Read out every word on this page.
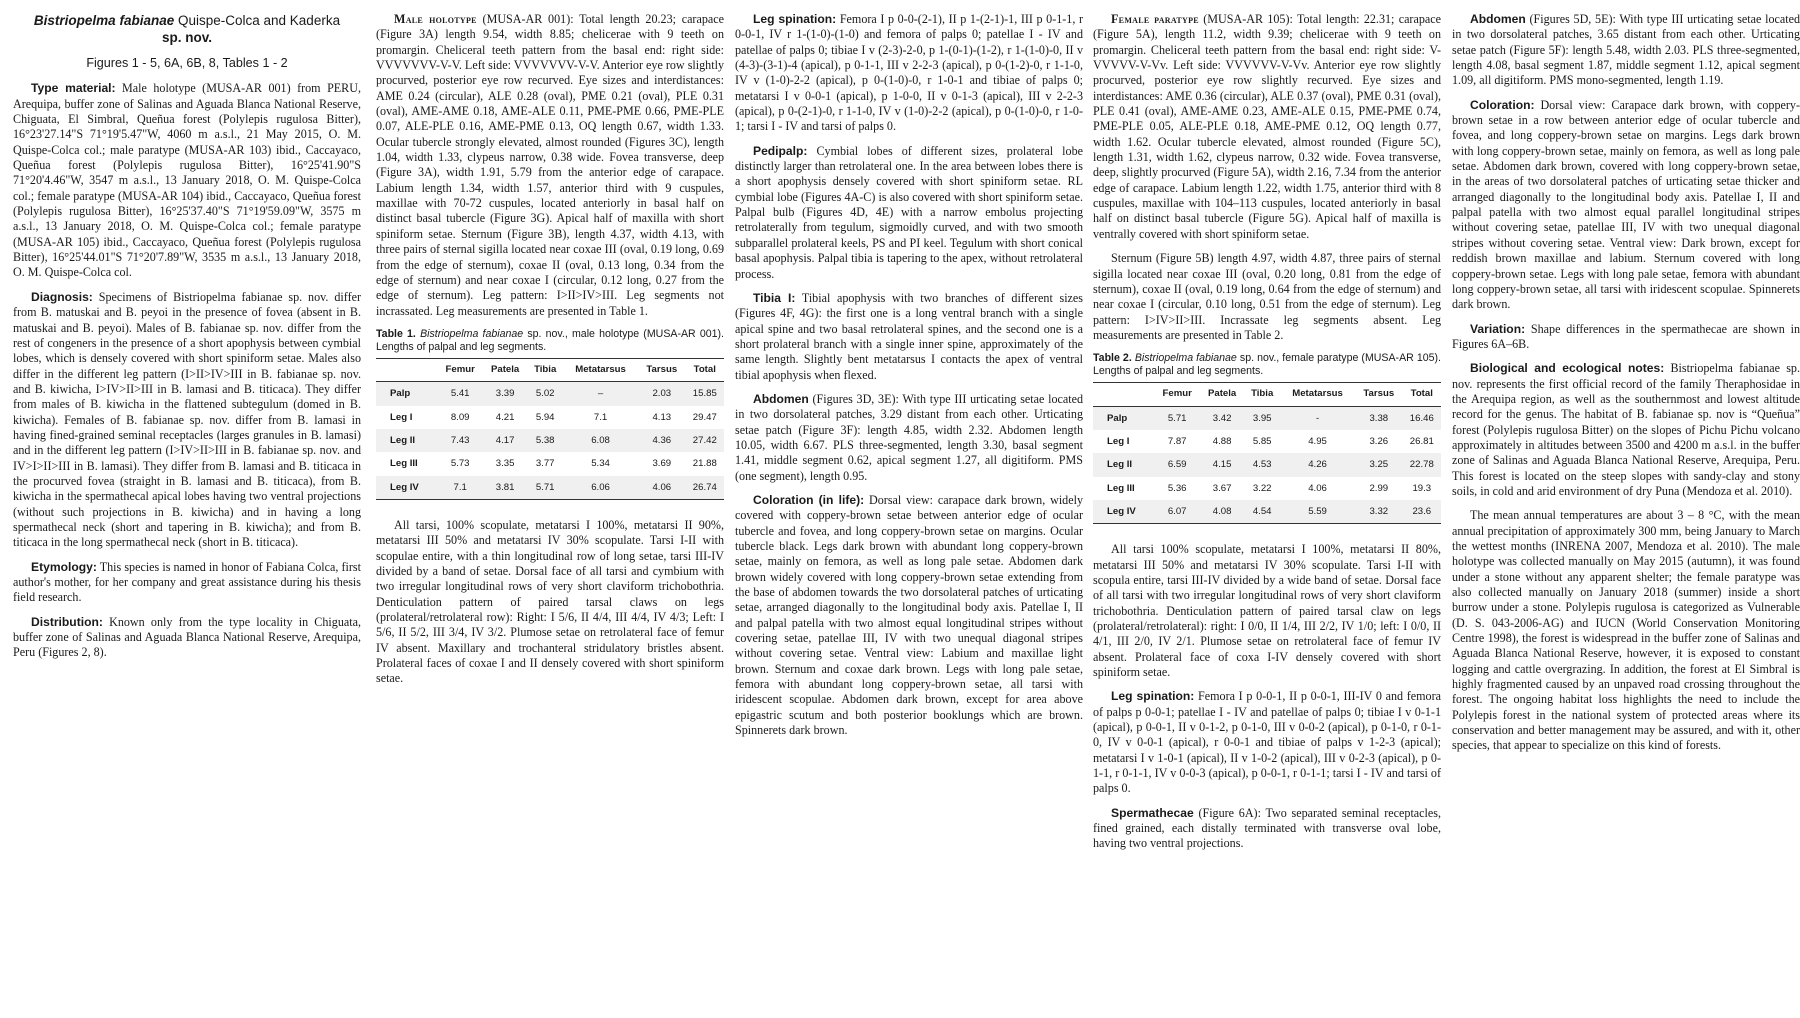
Bistriopelma fabianae Quispe-Colca and Kaderka
sp. nov.
Figures 1 - 5, 6A, 6B, 8, Tables 1 - 2

Type material: Male holotype (MUSA-AR 001) from PERU, Arequipa, buffer zone of Salinas and Aguada Blanca National Reserve, Chiguata, El Simbral, Queñua forest (Polylepis rugulosa Bitter), 16°23'27.14"S 71°19'5.47"W, 4060 m a.s.l., 21 May 2015, O. M. Quispe-Colca col.; male paratype (MUSA-AR 103) ibid., Caccayaco, Queñua forest (Polylepis rugulosa Bitter), 16°25'41.90"S 71°20'4.46"W, 3547 m a.s.l., 13 January 2018, O. M. Quispe-Colca col.; female paratype (MUSA-AR 104) ibid., Caccayaco, Queñua forest (Polylepis rugulosa Bitter), 16°25'37.40"S 71°19'59.09"W, 3575 m a.s.l., 13 January 2018, O. M. Quispe-Colca col.; female paratype (MUSA-AR 105) ibid., Caccayaco, Queñua forest (Polylepis rugulosa Bitter), 16°25'44.01"S 71°20'7.89"W, 3535 m a.s.l., 13 January 2018, O. M. Quispe-Colca col.

Diagnosis: Specimens of Bistriopelma fabianae sp. nov. differ from B. matuskai and B. peyoi in the presence of fovea (absent in B. matuskai and B. peyoi). Males of B. fabianae sp. nov. differ from the rest of congeners in the presence of a short apophysis between cymbial lobes, which is densely covered with short spiniform setae. Males also differ in the different leg pattern (I>II>IV>III in B. fabianae sp. nov. and B. kiwicha, I>IV>II>III in B. lamasi and B. titicaca). They differ from males of B. kiwicha in the flattened subtegulum (domed in B. kiwicha). Females of B. fabianae sp. nov. differ from B. lamasi in having fined-grained seminal receptacles (larges granules in B. lamasi) and in the different leg pattern (I>IV>II>III in B. fabianae sp. nov. and IV>I>II>III in B. lamasi). They differ from B. lamasi and B. titicaca in the procurved fovea (straight in B. lamasi and B. titicaca), from B. kiwicha in the spermathecal apical lobes having two ventral projections (without such projections in B. kiwicha) and in having a long spermathecal neck (short and tapering in B. kiwicha); and from B. titicaca in the long spermathecal neck (short in B. titicaca).

Etymology: This species is named in honor of Fabiana Colca, first author's mother, for her company and great assistance during his thesis field research.

Distribution: Known only from the type locality in Chiguata, buffer zone of Salinas and Aguada Blanca National Reserve, Arequipa, Peru (Figures 2, 8).

Male holotype (MUSA-AR 001): Total length 20.23; carapace (Figure 3A) length 9.54, width 8.85; chelicerae with 9 teeth on promargin. Cheliceral teeth pattern from the basal end: right side: VVVVVVV-V-V. Left side: VVVVVVV-V-V. Anterior eye row slightly procurved, posterior eye row recurved. Eye sizes and interdistances: AME 0.24 (circular), ALE 0.28 (oval), PME 0.21 (oval), PLE 0.31 (oval), AME-AME 0.18, AME-ALE 0.11, PME-PME 0.66, PME-PLE 0.07, ALE-PLE 0.16, AME-PME 0.13, OQ length 0.67, width 1.33. Ocular tubercle strongly elevated, almost rounded (Figures 3C), length 1.04, width 1.33, clypeus narrow, 0.38 wide. Fovea transverse, deep (Figure 3A), width 1.91, 5.79 from the anterior edge of carapace. Labium length 1.34, width 1.57, anterior third with 9 cuspules, maxillae with 70-72 cuspules, located anteriorly in basal half on distinct basal tubercle (Figure 3G). Apical half of maxilla with short spiniform setae. Sternum (Figure 3B), length 4.37, width 4.13, with three pairs of sternal sigilla located near coxae III (oval, 0.19 long, 0.69 from the edge of sternum), coxae II (oval, 0.13 long, 0.34 from the edge of sternum) and near coxae I (circular, 0.12 long, 0.27 from the edge of sternum). Leg pattern: I>II>IV>III. Leg segments not incrassated. Leg measurements are presented in Table 1.

Table 1. Bistriopelma fabianae sp. nov., male holotype (MUSA-AR 001). Lengths of palpal and leg segments.
	Femur	Patela	Tibia	Metatarsus	Tarsus	Total
Palp	5.41	3.39	5.02	–	2.03	15.85
Leg I	8.09	4.21	5.94	7.1	4.13	29.47
Leg II	7.43	4.17	5.38	6.08	4.36	27.42
Leg III	5.73	3.35	3.77	5.34	3.69	21.88
Leg IV	7.1	3.81	5.71	6.06	4.06	26.74

All tarsi, 100% scopulate, metatarsi I 100%, metatarsi II 90%, metatarsi III 50% and metatarsi IV 30% scopulate. Tarsi I-II with scopulae entire, with a thin longitudinal row of long setae, tarsi III-IV divided by a band of setae. Dorsal face of all tarsi and cymbium with two irregular longitudinal rows of very short claviform trichobothria. Denticulation pattern of paired tarsal claws on legs (prolateral/retrolateral row): Right: I 5/6, II 4/4, III 4/4, IV 4/3; Left: I 5/6, II 5/2, III 3/4, IV 3/2. Plumose setae on retrolateral face of femur IV absent. Maxillary and trochanteral stridulatory bristles absent. Prolateral faces of coxae I and II densely covered with short spiniform setae.

Leg spination: Femora I p 0-0-(2-1), II p 1-(2-1)-1, III p 0-1-1, r 0-0-1, IV r 1-(1-0)-(1-0) and femora of palps 0; patellae I - IV and patellae of palps 0; tibiae I v (2-3)-2-0, p 1-(0-1)-(1-2), r 1-(1-0)-0, II v (4-3)-(3-1)-4 (apical), p 0-1-1, III v 2-2-3 (apical), p 0-(1-2)-0, r 1-1-0, IV v (1-0)-2-2 (apical), p 0-(1-0)-0, r 1-0-1 and tibiae of palps 0; metatarsi I v 0-0-1 (apical), p 1-0-0, II v 0-1-3 (apical), III v 2-2-3 (apical), p 0-(2-1)-0, r 1-1-0, IV v (1-0)-2-2 (apical), p 0-(1-0)-0, r 1-0-1; tarsi I - IV and tarsi of palps 0.

Pedipalp: Cymbial lobes of different sizes, prolateral lobe distinctly larger than retrolateral one. In the area between lobes there is a short apophysis densely covered with short spiniform setae. RL cymbial lobe (Figures 4A-C) is also covered with short spiniform setae. Palpal bulb (Figures 4D, 4E) with a narrow embolus projecting retrolaterally from tegulum, sigmoidly curved, and with two smooth subparallel prolateral keels, PS and PI keel. Tegulum with short conical basal apophysis. Palpal tibia is tapering to the apex, without retrolateral process.

Tibia I: Tibial apophysis with two branches of different sizes (Figures 4F, 4G): the first one is a long ventral branch with a single apical spine and two basal retrolateral spines, and the second one is a short prolateral branch with a single inner spine, approximately of the same length. Slightly bent metatarsus I contacts the apex of ventral tibial apophysis when flexed.

Abdomen (Figures 3D, 3E): With type III urticating setae located in two dorsolateral patches, 3.29 distant from each other. Urticating setae patch (Figure 3F): length 4.85, width 2.32. Abdomen length 10.05, width 6.67. PLS three-segmented, length 3.30, basal segment 1.41, middle segment 0.62, apical segment 1.27, all digitiform. PMS (one segment), length 0.95.

Coloration (in life): Dorsal view: carapace dark brown, widely covered with coppery-brown setae between anterior edge of ocular tubercle and fovea, and long coppery-brown setae on margins. Ocular tubercle black. Legs dark brown with abundant long coppery-brown setae, mainly on femora, as well as long pale setae. Abdomen dark brown widely covered with long coppery-brown setae extending from the base of abdomen towards the two dorsolateral patches of urticating setae, arranged diagonally to the longitudinal body axis. Patellae I, II and palpal patella with two almost equal longitudinal stripes without covering setae, patellae III, IV with two unequal diagonal stripes without covering setae. Ventral view: Labium and maxillae light brown. Sternum and coxae dark brown. Legs with long pale setae, femora with abundant long coppery-brown setae, all tarsi with iridescent scopulae. Abdomen dark brown, except for area above epigastric scutum and both posterior booklungs which are brown. Spinnerets dark brown.

Female paratype (MUSA-AR 105): Total length: 22.31; carapace (Figure 5A), length 11.2, width 9.39; chelicerae with 9 teeth on promargin. Cheliceral teeth pattern from the basal end: right side: V-VVVVV-V-Vv. Left side: VVVVVV-V-Vv. Anterior eye row slightly procurved, posterior eye row slightly recurved. Eye sizes and interdistances: AME 0.36 (circular), ALE 0.37 (oval), PME 0.31 (oval), PLE 0.41 (oval), AME-AME 0.23, AME-ALE 0.15, PME-PME 0.74, PME-PLE 0.05, ALE-PLE 0.18, AME-PME 0.12, OQ length 0.77, width 1.62. Ocular tubercle elevated, almost rounded (Figure 5C), length 1.31, width 1.62, clypeus narrow, 0.32 wide. Fovea transverse, deep, slightly procurved (Figure 5A), width 2.16, 7.34 from the anterior edge of carapace. Labium length 1.22, width 1.75, anterior third with 8 cuspules, maxillae with 104–113 cuspules, located anteriorly in basal half on distinct basal tubercle (Figure 5G). Apical half of maxilla is ventrally covered with short spiniform setae.

Sternum (Figure 5B) length 4.97, width 4.87, three pairs of sternal sigilla located near coxae III (oval, 0.20 long, 0.81 from the edge of sternum), coxae II (oval, 0.19 long, 0.64 from the edge of sternum) and near coxae I (circular, 0.10 long, 0.51 from the edge of sternum). Leg pattern: I>IV>II>III. Incrassate leg segments absent. Leg measurements are presented in Table 2.

Table 2. Bistriopelma fabianae sp. nov., female paratype (MUSA-AR 105). Lengths of palpal and leg segments.
	Femur	Patela	Tibia	Metatarsus	Tarsus	Total
Palp	5.71	3.42	3.95	-	3.38	16.46
Leg I	7.87	4.88	5.85	4.95	3.26	26.81
Leg II	6.59	4.15	4.53	4.26	3.25	22.78
Leg III	5.36	3.67	3.22	4.06	2.99	19.3
Leg IV	6.07	4.08	4.54	5.59	3.32	23.6

All tarsi 100% scopulate, metatarsi I 100%, metatarsi II 80%, metatarsi III 50% and metatarsi IV 30% scopulate. Tarsi I-II with scopula entire, tarsi III-IV divided by a wide band of setae. Dorsal face of all tarsi with two irregular longitudinal rows of very short claviform trichobothria. Denticulation pattern of paired tarsal claw on legs (prolateral/retrolateral): right: I 0/0, II 1/4, III 2/2, IV 1/0; left: I 0/0, II 4/1, III 2/0, IV 2/1. Plumose setae on retrolateral face of femur IV absent. Prolateral face of coxa I-IV densely covered with short spiniform setae.

Leg spination: Femora I p 0-0-1, II p 0-0-1, III-IV 0 and femora of palps p 0-0-1; patellae I - IV and patellae of palps 0; tibiae I v 0-1-1 (apical), p 0-0-1, II v 0-1-2, p 0-1-0, III v 0-0-2 (apical), p 0-1-0, r 0-1-0, IV v 0-0-1 (apical), r 0-0-1 and tibiae of palps v 1-2-3 (apical); metatarsi I v 1-0-1 (apical), II v 1-0-2 (apical), III v 0-2-3 (apical), p 0-1-1, r 0-1-1, IV v 0-0-3 (apical), p 0-0-1, r 0-1-1; tarsi I - IV and tarsi of palps 0.

Spermathecae (Figure 6A): Two separated seminal receptacles, fined grained, each distally terminated with transverse oval lobe, having two ventral projections.

Abdomen (Figures 5D, 5E): With type III urticating setae located in two dorsolateral patches, 3.65 distant from each other. Urticating setae patch (Figure 5F): length 5.48, width 2.03. PLS three-segmented, length 4.08, basal segment 1.87, middle segment 1.12, apical segment 1.09, all digitiform. PMS mono-segmented, length 1.19.

Coloration: Dorsal view: Carapace dark brown, with coppery-brown setae in a row between anterior edge of ocular tubercle and fovea, and long coppery-brown setae on margins. Legs dark brown with long coppery-brown setae, mainly on femora, as well as long pale setae. Abdomen dark brown, covered with long coppery-brown setae, in the areas of two dorsolateral patches of urticating setae thicker and arranged diagonally to the longitudinal body axis. Patellae I, II and palpal patella with two almost equal parallel longitudinal stripes without covering setae, patellae III, IV with two unequal diagonal stripes without covering setae. Ventral view: Dark brown, except for reddish brown maxillae and labium. Sternum covered with long coppery-brown setae. Legs with long pale setae, femora with abundant long coppery-brown setae, all tarsi with iridescent scopulae. Spinnerets dark brown.

Variation: Shape differences in the spermathecae are shown in Figures 6A–6B.

Biological and ecological notes: Bistriopelma fabianae sp. nov. represents the first official record of the family Theraphosidae in the Arequipa region, as well as the southernmost and lowest altitude record for the genus. The habitat of B. fabianae sp. nov is “Queñua” forest (Polylepis rugulosa Bitter) on the slopes of Pichu Pichu volcano approximately in altitudes between 3500 and 4200 m a.s.l. in the buffer zone of Salinas and Aguada Blanca National Reserve, Arequipa, Peru. This forest is located on the steep slopes with sandy-clay and stony soils, in cold and arid environment of dry Puna (Mendoza et al. 2010).

The mean annual temperatures are about 3 – 8 °C, with the mean annual precipitation of approximately 300 mm, being January to March the wettest months (INRENA 2007, Mendoza et al. 2010). The male holotype was collected manually on May 2015 (autumn), it was found under a stone without any apparent shelter; the female paratype was also collected manually on January 2018 (summer) inside a short burrow under a stone. Polylepis rugulosa is categorized as Vulnerable (D. S. 043-2006-AG) and IUCN (World Conservation Monitoring Centre 1998), the forest is widespread in the buffer zone of Salinas and Aguada Blanca National Reserve, however, it is exposed to constant logging and cattle overgrazing. In addition, the forest at El Simbral is highly fragmented caused by an unpaved road crossing throughout the forest. The ongoing habitat loss highlights the need to include the Polylepis forest in the national system of protected areas where its conservation and better management may be assured, and with it, other species, that appear to specialize on this kind of forests.
